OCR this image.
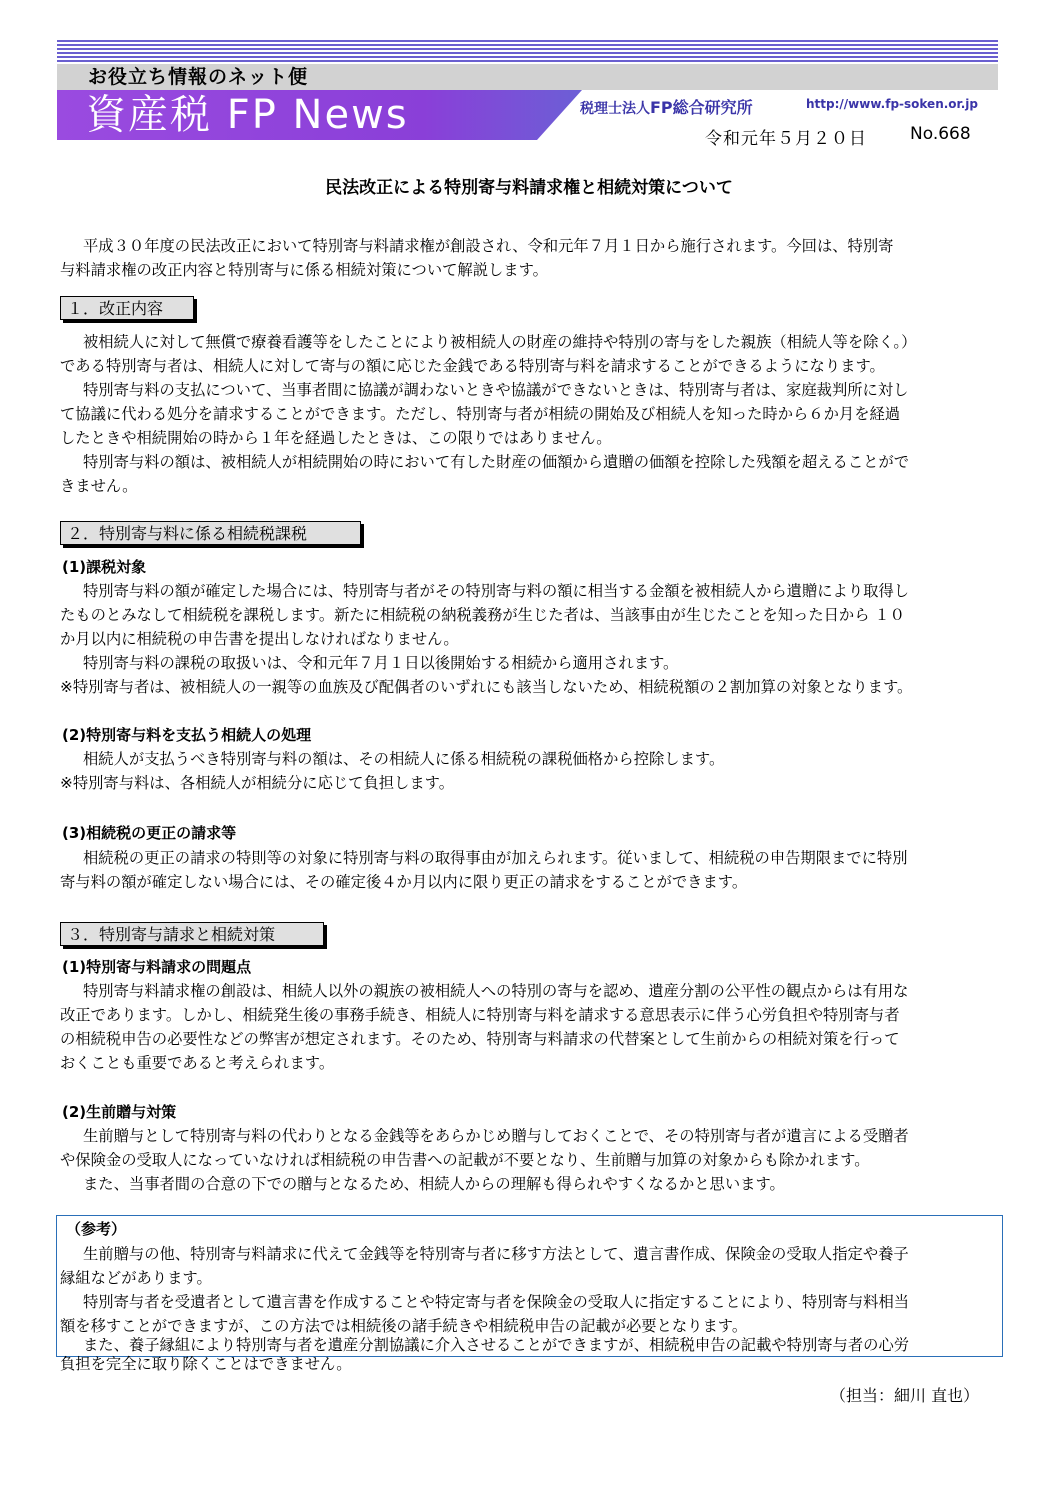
お役立ち情報のネット便
資産税 FP News	税理士法人FP総合研究所	http://www.fp-soken.or.jp
令和元年５月２０日	No.668
民法改正による特別寄与料請求権と相続対策について
平成３０年度の民法改正において特別寄与料請求権が創設され、令和元年７月１日から施行されます。今回は、特別寄
与料請求権の改正内容と特別寄与に係る相続対策について解説します。
１．改正内容
被相続人に対して無償で療養看護等をしたことにより被相続人の財産の維持や特別の寄与をした親族（相続人等を除く。）
である特別寄与者は、相続人に対して寄与の額に応じた金銭である特別寄与料を請求することができるようになります。
特別寄与料の支払について、当事者間に協議が調わないときや協議ができないときは、特別寄与者は、家庭裁判所に対し
て協議に代わる処分を請求することができます。ただし、特別寄与者が相続の開始及び相続人を知った時から６か月を経過
したときや相続開始の時から１年を経過したときは、この限りではありません。
特別寄与料の額は、被相続人が相続開始の時において有した財産の価額から遺贈の価額を控除した残額を超えることがで
きません。
２．特別寄与料に係る相続税課税
(1)課税対象
特別寄与料の額が確定した場合には、特別寄与者がその特別寄与料の額に相当する金額を被相続人から遺贈により取得し
たものとみなして相続税を課税します。新たに相続税の納税義務が生じた者は、当該事由が生じたことを知った日から １０
か月以内に相続税の申告書を提出しなければなりません。
特別寄与料の課税の取扱いは、令和元年７月１日以後開始する相続から適用されます。
※特別寄与者は、被相続人の一親等の血族及び配偶者のいずれにも該当しないため、相続税額の２割加算の対象となります。
(2)特別寄与料を支払う相続人の処理
相続人が支払うべき特別寄与料の額は、その相続人に係る相続税の課税価格から控除します。
※特別寄与料は、各相続人が相続分に応じて負担します。
(3)相続税の更正の請求等
相続税の更正の請求の特則等の対象に特別寄与料の取得事由が加えられます。従いまして、相続税の申告期限までに特別
寄与料の額が確定しない場合には、その確定後４か月以内に限り更正の請求をすることができます。
３．特別寄与請求と相続対策
(1)特別寄与料請求の問題点
特別寄与料請求権の創設は、相続人以外の親族の被相続人への特別の寄与を認め、遺産分割の公平性の観点からは有用な
改正であります。しかし、相続発生後の事務手続き、相続人に特別寄与料を請求する意思表示に伴う心労負担や特別寄与者
の相続税申告の必要性などの弊害が想定されます。そのため、特別寄与料請求の代替案として生前からの相続対策を行って
おくことも重要であると考えられます。
(2)生前贈与対策
生前贈与として特別寄与料の代わりとなる金銭等をあらかじめ贈与しておくことで、その特別寄与者が遺言による受贈者
や保険金の受取人になっていなければ相続税の申告書への記載が不要となり、生前贈与加算の対象からも除かれます。
また、当事者間の合意の下での贈与となるため、相続人からの理解も得られやすくなるかと思います。
（参考）
生前贈与の他、特別寄与料請求に代えて金銭等を特別寄与者に移す方法として、遺言書作成、保険金の受取人指定や養子
縁組などがあります。
特別寄与者を受遺者として遺言書を作成することや特定寄与者を保険金の受取人に指定することにより、特別寄与料相当
額を移すことができますが、この方法では相続後の諸手続きや相続税申告の記載が必要となります。
また、養子縁組により特別寄与者を遺産分割協議に介入させることができますが、相続税申告の記載や特別寄与者の心労
負担を完全に取り除くことはできません。
（担当：細川 直也）
